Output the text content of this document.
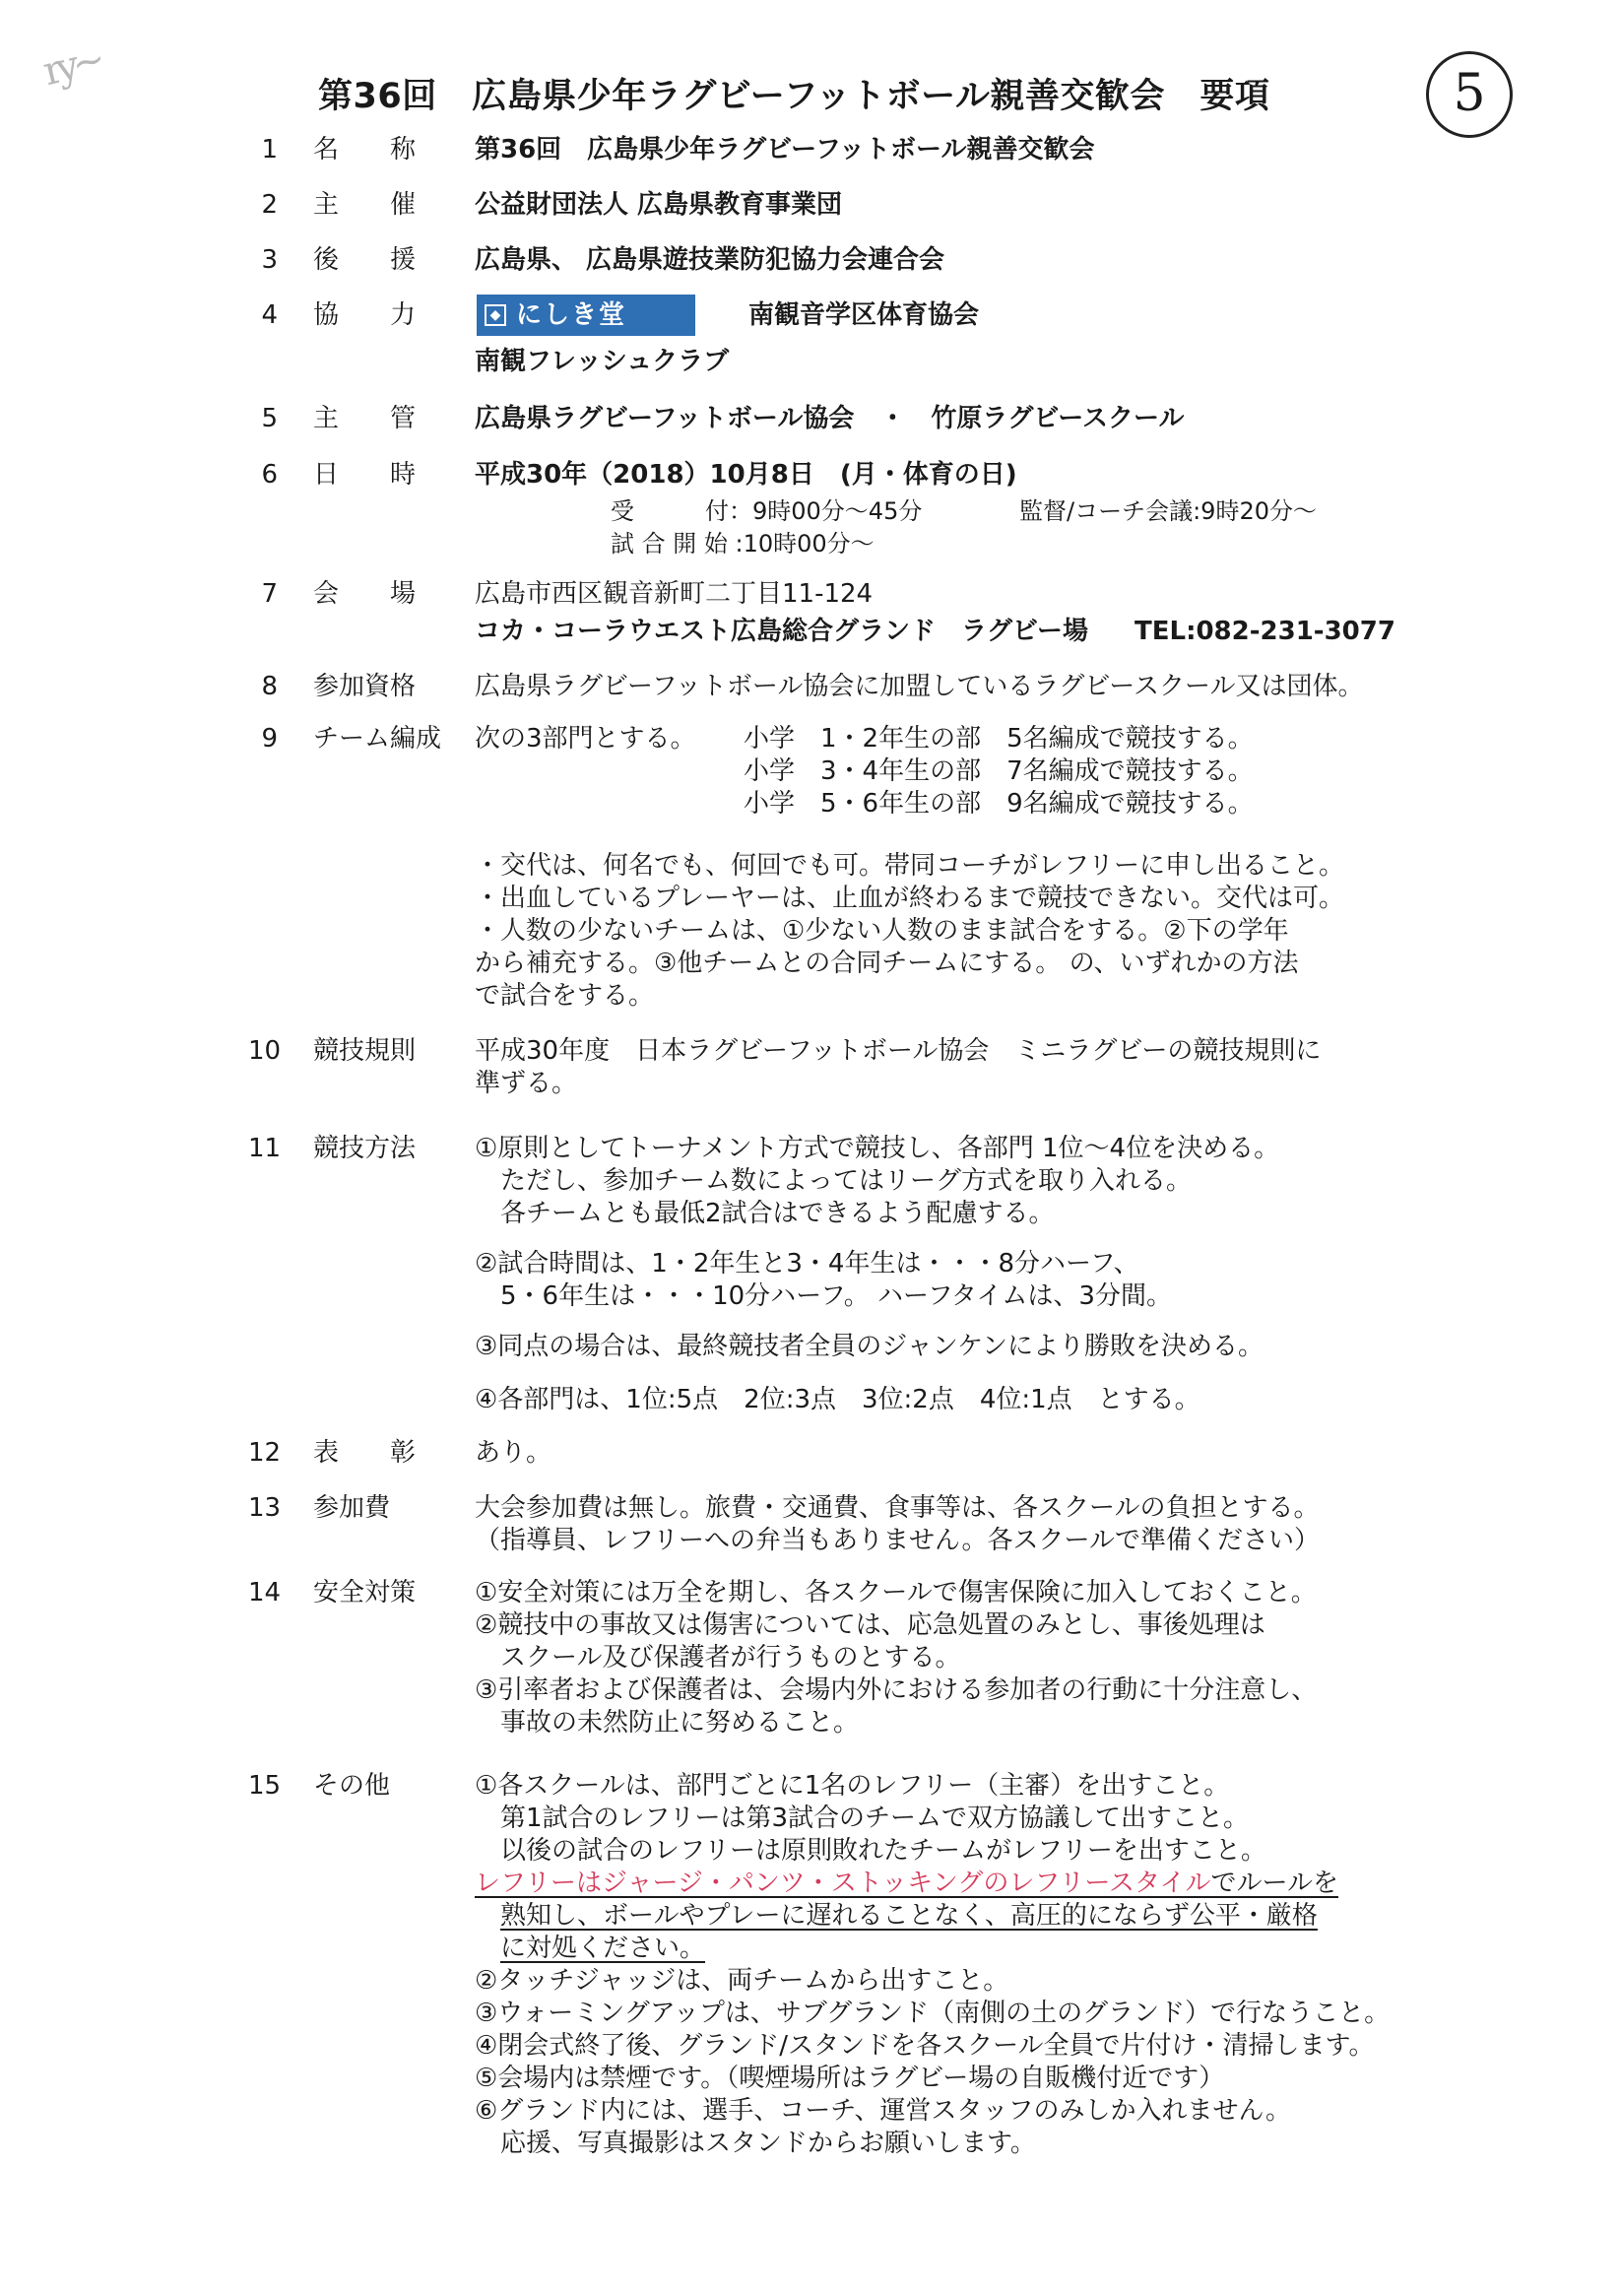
ry~
第36回　広島県少年ラグビーフットボール親善交歓会　要項	5
1 名　　称 第36回　広島県少年ラグビーフットボール親善交歓会
2 主　　催 公益財団法人 広島県教育事業団
3 後　　援 広島県、 広島県遊技業防犯協力会連合会
4 協　　力	◆ にしき堂	南観音学区体育協会
南観フレッシュクラブ
5 主　　管 広島県ラグビーフットボール協会　・　竹原ラグビースクール
6 日　　時 平成30年（2018）10月8日　(月・体育の日)
受　　　付：9時00分～45分	監督/コーチ会議:9時20分～
試 合 開 始 :10時00分～
7 会　　場 広島市西区観音新町二丁目11-124
コカ・コーラウエスト広島総合グランド　ラグビー場 TEL:082-231-3077
8 参加資格 広島県ラグビーフットボール協会に加盟しているラグビースクール又は団体。
9 チーム編成 次の3部門とする。 小学　1・2年生の部　5名編成で競技する。
小学　3・4年生の部　7名編成で競技する。
小学　5・6年生の部　9名編成で競技する。
・交代は、何名でも、何回でも可。帯同コーチがレフリーに申し出ること。
・出血しているプレーヤーは、止血が終わるまで競技できない。交代は可。
・人数の少ないチームは、①少ない人数のまま試合をする。②下の学年
から補充する。③他チームとの合同チームにする。 の、いずれかの方法
で試合をする。
10 競技規則 平成30年度　日本ラグビーフットボール協会　ミニラグビーの競技規則に
準ずる。
11 競技方法 ①原則としてトーナメント方式で競技し、各部門 1位～4位を決める。
　ただし、参加チーム数によってはリーグ方式を取り入れる。
　各チームとも最低2試合はできるよう配慮する。
②試合時間は、1・2年生と3・4年生は・・・8分ハーフ、
　5・6年生は・・・10分ハーフ。 ハーフタイムは、3分間。
③同点の場合は、最終競技者全員のジャンケンにより勝敗を決める。
④各部門は、1位:5点　2位:3点　3位:2点　4位:1点　とする。
12 表　　彰 あり。
13 参加費	大会参加費は無し。旅費・交通費、食事等は、各スクールの負担とする。
（指導員、レフリーへの弁当もありません。各スクールで準備ください）
14 安全対策 ①安全対策には万全を期し、各スクールで傷害保険に加入しておくこと。
②競技中の事故又は傷害については、応急処置のみとし、事後処理は
　スクール及び保護者が行うものとする。
③引率者および保護者は、会場内外における参加者の行動に十分注意し、
　事故の未然防止に努めること。
15 その他	①各スクールは、部門ごとに1名のレフリー（主審）を出すこと。
　第1試合のレフリーは第3試合のチームで双方協議して出すこと。
　以後の試合のレフリーは原則敗れたチームがレフリーを出すこと。
レフリーはジャージ・パンツ・ストッキングのレフリースタイルでルールを
熟知し、ボールやプレーに遅れることなく、高圧的にならず公平・厳格
に対処ください。
②タッチジャッジは、両チームから出すこと。
③ウォーミングアップは、サブグランド（南側の土のグランド）で行なうこと。
④閉会式終了後、グランド/スタンドを各スクール全員で片付け・清掃します。
⑤会場内は禁煙です。（喫煙場所はラグビー場の自販機付近です）
⑥グランド内には、選手、コーチ、運営スタッフのみしか入れません。
　応援、写真撮影はスタンドからお願いします。
